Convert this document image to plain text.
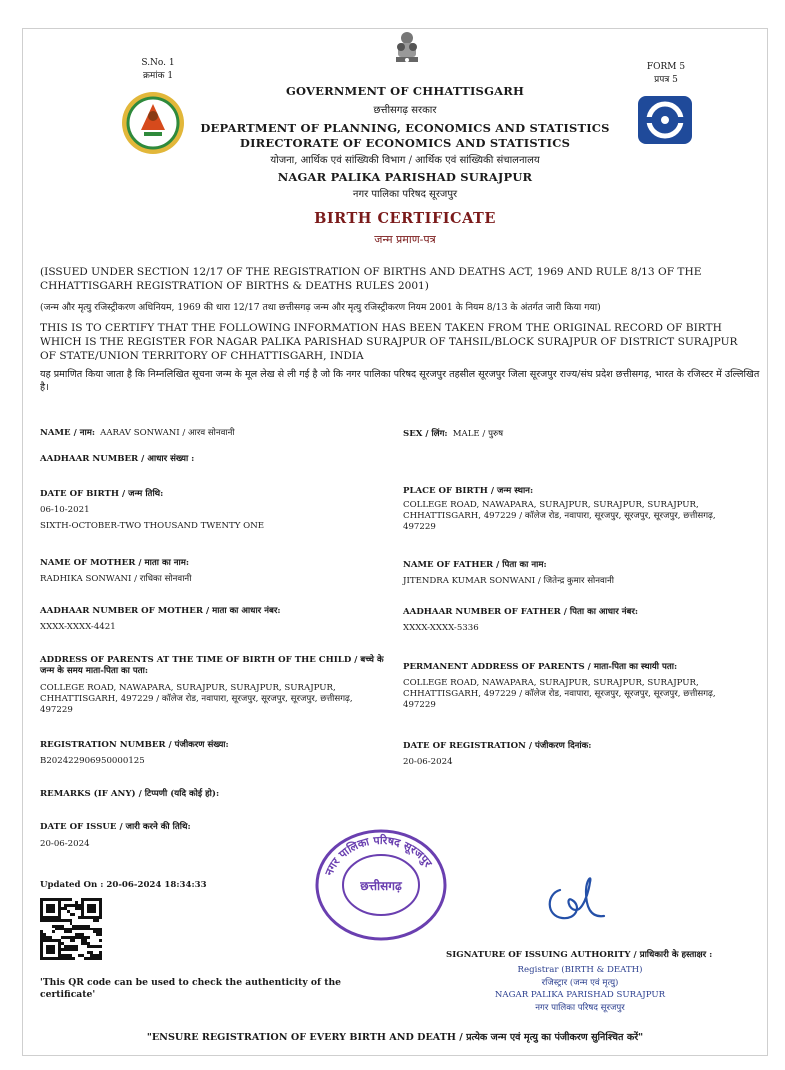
S.No. 1
क्रमांक 1
FORM 5
प्रपत्र 5
GOVERNMENT OF CHHATTISGARH
छत्तीसगढ़ सरकार
DEPARTMENT OF PLANNING, ECONOMICS AND STATISTICS
DIRECTORATE OF ECONOMICS AND STATISTICS
योजना, आर्थिक एवं सांख्यिकी विभाग / आर्थिक एवं सांख्यिकी संचालनालय
NAGAR PALIKA PARISHAD SURAJPUR
नगर पालिका परिषद सूरजपुर
BIRTH CERTIFICATE
जन्म प्रमाण-पत्र
(ISSUED UNDER SECTION 12/17 OF THE REGISTRATION OF BIRTHS AND DEATHS ACT, 1969 AND RULE 8/13 OF THE CHHATTISGARH REGISTRATION OF BIRTHS & DEATHS RULES 2001)
(जन्म और मृत्यु रजिस्ट्रीकरण अधिनियम, 1969 की धारा 12/17 तथा छत्तीसगढ़ जन्म और मृत्यु रजिस्ट्रीकरण नियम 2001 के नियम 8/13 के अंतर्गत जारी किया गया)
THIS IS TO CERTIFY THAT THE FOLLOWING INFORMATION HAS BEEN TAKEN FROM THE ORIGINAL RECORD OF BIRTH WHICH IS THE REGISTER FOR NAGAR PALIKA PARISHAD SURAJPUR OF TAHSIL/BLOCK SURAJPUR OF DISTRICT SURAJPUR OF STATE/UNION TERRITORY OF CHHATTISGARH, INDIA
यह प्रमाणित किया जाता है कि निम्नलिखित सूचना जन्म के मूल लेख से ली गई है जो कि नगर पालिका परिषद सूरजपुर तहसील सूरजपुर जिला सूरजपुर राज्य/संघ प्रदेश छत्तीसगढ़, भारत के रजिस्टर में उल्लिखित है।
NAME / नाम: AARAV SONWANI / आरव सोनवानी	SEX / लिंग: MALE / पुरुष
AADHAAR NUMBER / आधार संख्या :
DATE OF BIRTH / जन्म तिथि:
06-10-2021
SIXTH-OCTOBER-TWO THOUSAND TWENTY ONE
PLACE OF BIRTH / जन्म स्थान:
COLLEGE ROAD, NAWAPARA, SURAJPUR, SURAJPUR, SURAJPUR, CHHATTISGARH, 497229 / कॉलेज रोड, नवापारा, सूरजपुर, सूरजपुर, सूरजपुर, छत्तीसगढ़, 497229
NAME OF MOTHER / माता का नाम:
RADHIKA SONWANI / राधिका सोनवानी
NAME OF FATHER / पिता का नाम:
JITENDRA KUMAR SONWANI / जितेन्द्र कुमार सोनवानी
AADHAAR NUMBER OF MOTHER / माता का आधार नंबर:
XXXX-XXXX-4421
AADHAAR NUMBER OF FATHER / पिता का आधार नंबर:
XXXX-XXXX-5336
ADDRESS OF PARENTS AT THE TIME OF BIRTH OF THE CHILD / बच्चे के जन्म के समय माता-पिता का पता:
COLLEGE ROAD, NAWAPARA, SURAJPUR, SURAJPUR, SURAJPUR, CHHATTISGARH, 497229 / कॉलेज रोड, नवापारा, सूरजपुर, सूरजपुर, सूरजपुर, छत्तीसगढ़, 497229
PERMANENT ADDRESS OF PARENTS / माता-पिता का स्थायी पता:
COLLEGE ROAD, NAWAPARA, SURAJPUR, SURAJPUR, SURAJPUR, CHHATTISGARH, 497229 / कॉलेज रोड, नवापारा, सूरजपुर, सूरजपुर, सूरजपुर, छत्तीसगढ़, 497229
REGISTRATION NUMBER / पंजीकरण संख्या:
B202422906950000125
DATE OF REGISTRATION / पंजीकरण दिनांक:
20-06-2024
REMARKS (IF ANY) / टिप्पणी (यदि कोई हो):
DATE OF ISSUE / जारी करने की तिथि:
20-06-2024
Updated On : 20-06-2024 18:34:33
'This QR code can be used to check the authenticity of the certificate'
नगर पालिका परिषद सूरजपुर
छत्तीसगढ़
SIGNATURE OF ISSUING AUTHORITY / प्राधिकारी के हस्ताक्षर :
Registrar (BIRTH & DEATH)
रजिस्ट्रार (जन्म एवं मृत्यु)
NAGAR PALIKA PARISHAD SURAJPUR
नगर पालिका परिषद सूरजपुर
"ENSURE REGISTRATION OF EVERY BIRTH AND DEATH / प्रत्येक जन्म एवं मृत्यु का पंजीकरण सुनिश्चित करें"
